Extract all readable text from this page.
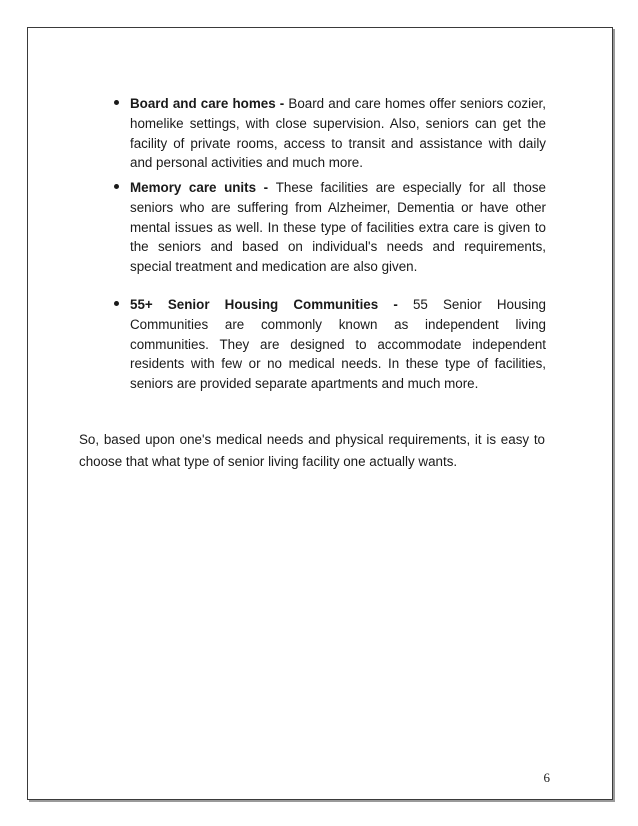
Board and care homes - Board and care homes offer seniors cozier, homelike settings, with close supervision. Also, seniors can get the facility of private rooms, access to transit and assistance with daily and personal activities and much more.

Memory care units - These facilities are especially for all those seniors who are suffering from Alzheimer, Dementia or have other mental issues as well. In these type of facilities extra care is given to the seniors and based on individual's needs and requirements, special treatment and medication are also given.

55+ Senior Housing Communities - 55 Senior Housing Communities are commonly known as independent living communities. They are designed to accommodate independent residents with few or no medical needs. In these type of facilities, seniors are provided separate apartments and much more.

So, based upon one's medical needs and physical requirements, it is easy to choose that what type of senior living facility one actually wants.

6
